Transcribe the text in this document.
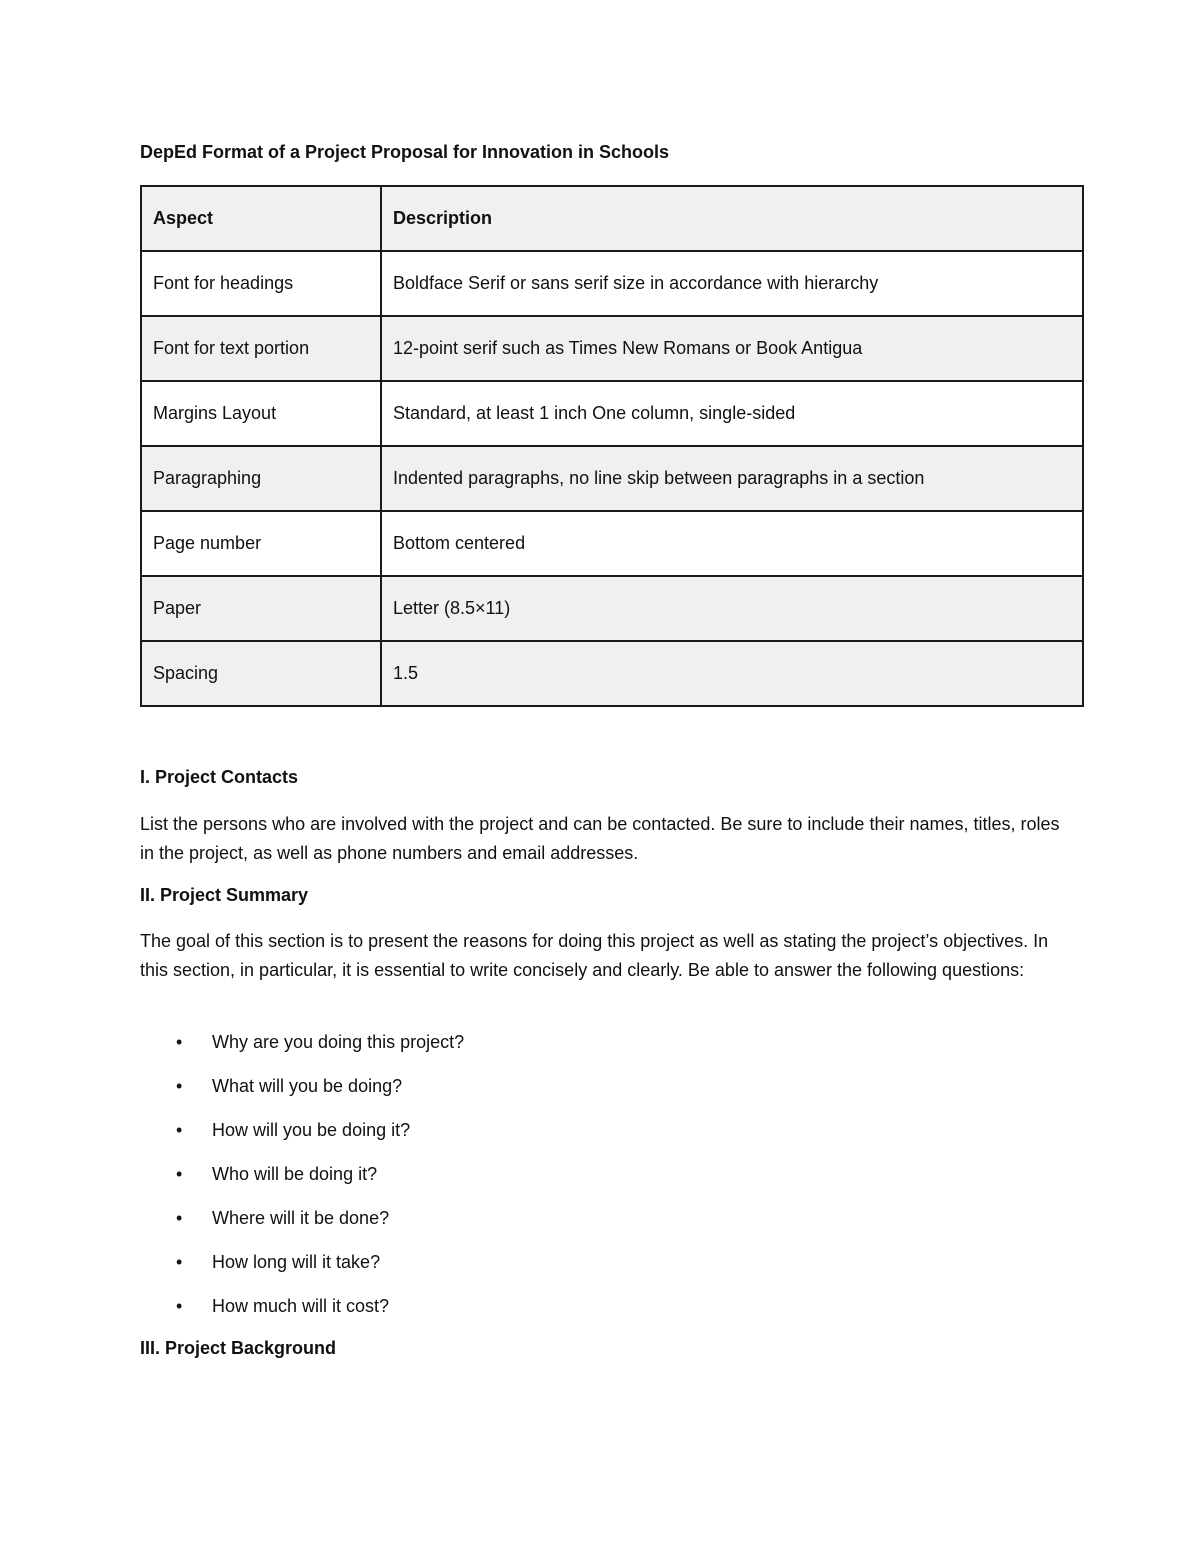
DepEd Format of a Project Proposal for Innovation in Schools
Aspect	Description
Font for headings	Boldface Serif or sans serif size in accordance with hierarchy
Font for text portion	12-point serif such as Times New Romans or Book Antigua
Margins Layout	Standard, at least 1 inch One column, single-sided
Paragraphing	Indented paragraphs, no line skip between paragraphs in a section
Page number	Bottom centered
Paper	Letter (8.5×11)
Spacing	1.5
I. Project Contacts
List the persons who are involved with the project and can be contacted. Be sure to include their names, titles, roles in the project, as well as phone numbers and email addresses.
II. Project Summary
The goal of this section is to present the reasons for doing this project as well as stating the project’s objectives. In this section, in particular, it is essential to write concisely and clearly. Be able to answer the following questions:
• Why are you doing this project?
• What will you be doing?
• How will you be doing it?
• Who will be doing it?
• Where will it be done?
• How long will it take?
• How much will it cost?
III. Project Background
